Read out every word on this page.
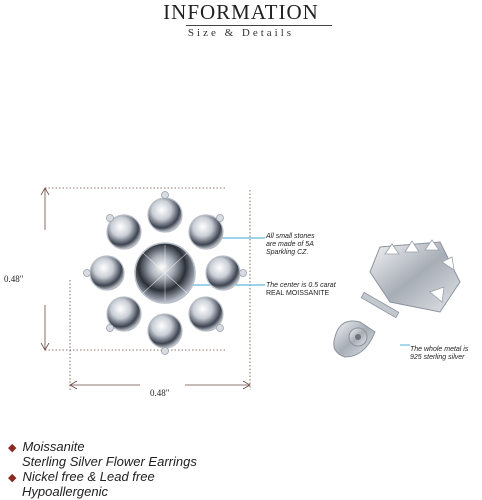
INFORMATION
Size & Details
0.48"
0.48"
All small stones
are made of 5A
Sparkling CZ.
The center is 0.5 carat
REAL MOISSANITE
The whole metal is
925 sterling silver
◆ Moissanite
Sterling Silver Flower Earrings
◆ Nickel free & Lead free
Hypoallergenic
